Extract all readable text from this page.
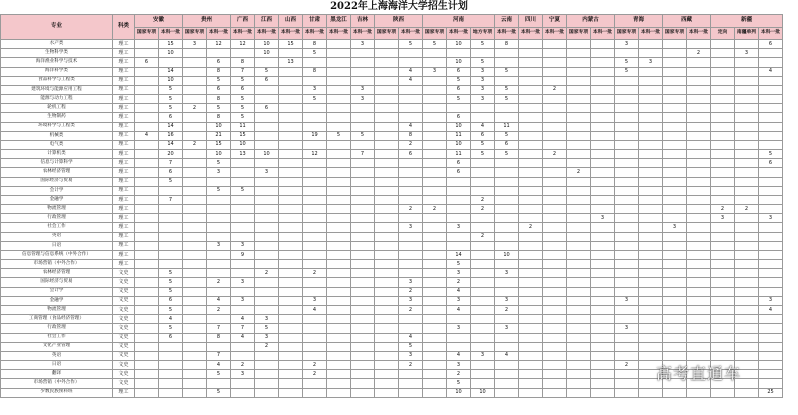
2022年上海海洋大学招生计划
专业	科类	安徽		贵州		广西	江西	山西	甘肃	黑龙江	吉林	陕西		河南			云南	四川	宁夏	内蒙古		青海		西藏		新疆		
		国家专项	本科一批	国家专项	本科一批	本科一批	本科一批	本科一批	本科一批	本科一批	本科一批	国家专项	本科一批	国家专项	本科一批	地方专项	本科一批	本科一批	本科一批	国家专项	本科一批	国家专项	本科一批	国家专项	本科一批	定向	南疆单列	本科一批
水产类	理工		15	3	12	12	10	15	8		3		5	5	10	5	8					3						6
生物科学类	理工		10				10		5																2		3	
海洋渔业科学与技术	理工	6			6	8		13							10	5						5	3					
海洋科学类	理工		14		8	7	5		8				4	3	6	3	5					5						4
食品科学与工程类	理工		10		5	5	6						4		5	3												
建筑环境与能源应用工程	理工		5		6	6			3		3				6	3	5		2									
能源与动力工程	理工		5		8	5			5		3				5	3	5											
轮机工程	理工		5	2	5	5	6																					
生物制药	理工		6		8	5									6													
环境科学与工程类	理工		14		10	11							4		10	4	11											
机械类	理工	4	16		21	15			19	5	5		8		11	6	5											
电气类	理工		14	2	15	10							2		10	5	6											
计算机类	理工		20		10	13	10		12		7		6		11	5	5		2									5
信息与计算科学	理工		7		5										6													6
农林经济管理	理工		6		3		3								6					2								
国际经济与贸易	理工		5																									
会计学	理工				5	5																						
金融学	理工		7													2												
物流管理	理工												2	2		2										2	2	
行政管理	理工																				3					3		3
社会工作	理工												3		3			2						3				
英语	理工															2												
日语	理工				3	3																						
信息管理与信息系统（中外合作）	理工					9									14		10											
市场营销（中外合作）	理工														5													
农林经济管理	文史		5				2		2						3		3											
国际经济与贸易	文史		5		2	3							3		2													
会计学	文史		5										2		4													
金融学	文史		6		4	3			3				3		3		3					3						3
物流管理	文史		5		2				4				2		4		2											4
工商管理（食品经济管理）	文史		4			4	3																					
行政管理	文史		5		7	7	5								3		3					3						
社会工作	文史		6		8	4	3						4															
文化产业管理	文史						2						5															
英语	文史				7								3		4	3	4											
日语	文史				4	2			2				2		3							2						
翻译	文史				5	3			2						2													
市场营销（中外合作）	文史														5													
少数民族预科班	理工				5										10	10												25
高考直通车
